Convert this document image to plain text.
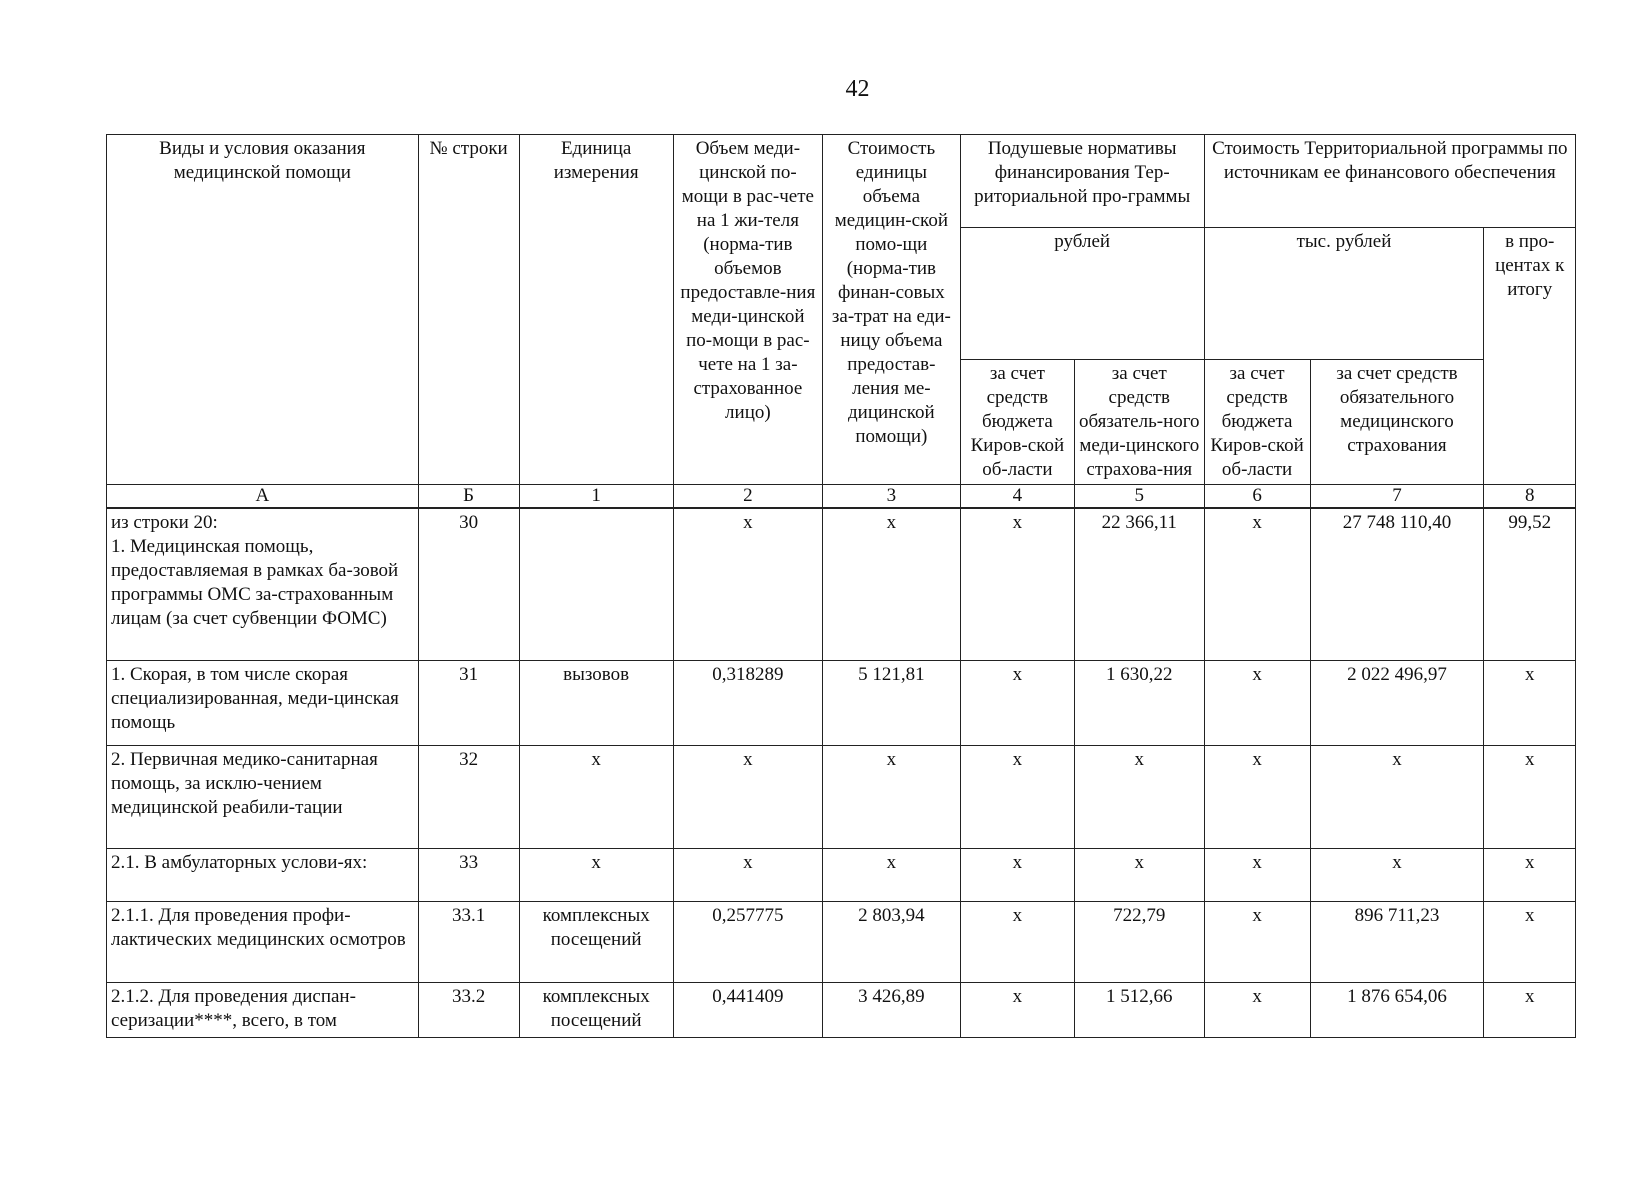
42
Виды и условия оказания медицинской помощи	№ строки	Единица измерения	Объем меди-цинской по-мощи в рас-чете на 1 жи-теля (норма-тив объемов предоставле-ния меди-цинской по-мощи в рас-чете на 1 за-страхованное лицо)	Стоимость единицы объема медицин-ской помо-щи (норма-тив финан-совых за-трат на еди-ницу объема предостав-ления ме-дицинской помощи)	Подушевые нормативы финансирования Тер-риториальной про-граммы		Стоимость Территориальной программы по источникам ее финансового обеспечения		
					рублей		тыс. рублей		в про-центах к итогу
					за счет средств бюджета Киров-ской об-ласти	за счет средств обязатель-ного меди-цинского страхова-ния	за счет средств бюджета Киров-ской об-ласти	за счет средств обязательного медицинского страхования	
А	Б	1	2	3	4	5	6	7	8
из строки 20:
1. Медицинская помощь, предоставляемая в рамках ба-зовой программы ОМС за-страхованным лицам (за счет субвенции ФОМС)	30		х	х	х	22 366,11	х	27 748 110,40	99,52
1. Скорая, в том числе скорая специализированная, меди-цинская помощь	31	вызовов	0,318289	5 121,81	х	1 630,22	х	2 022 496,97	х
2. Первичная медико-санитарная помощь, за исклю-чением медицинской реабили-тации	32	х	х	х	х	х	х	х	х
2.1. В амбулаторных услови-ях:	33	х	х	х	х	х	х	х	х
2.1.1. Для проведения профи-лактических медицинских осмотров	33.1	комплексных посещений	0,257775	2 803,94	х	722,79	х	896 711,23	х
2.1.2. Для проведения диспан-серизации****, всего, в том	33.2	комплексных посещений	0,441409	3 426,89	х	1 512,66	х	1 876 654,06	х
